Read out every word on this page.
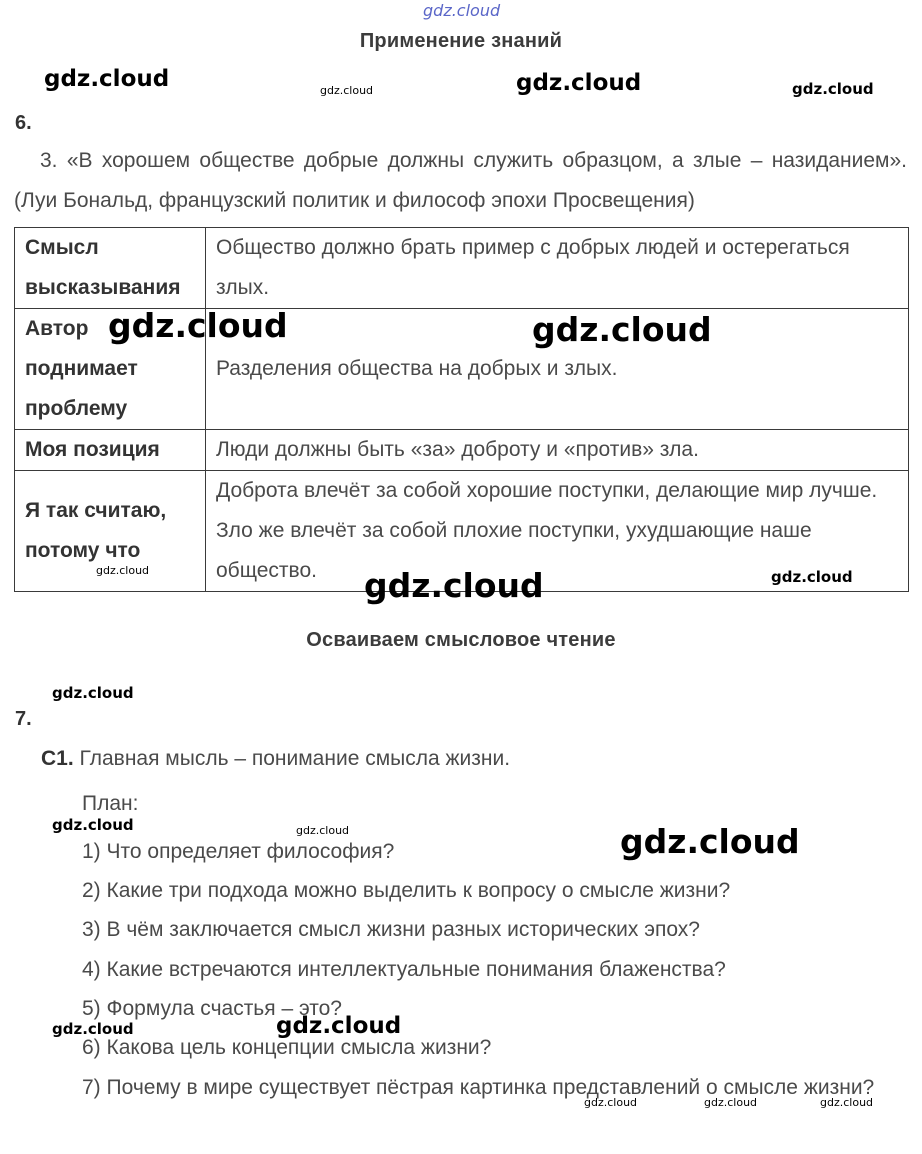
gdz.cloud
Применение знаний
6.
3. «В хорошем обществе добрые должны служить образцом, а злые – назиданием». (Луи Бональд, французский политик и философ эпохи Просвещения)
Смысл высказывания	Общество должно брать пример с добрых людей и остерегаться злых.
Автор поднимает проблему	Разделения общества на добрых и злых.
Моя позиция	Люди должны быть «за» доброту и «против» зла.
Я так считаю, потому что	Доброта влечёт за собой хорошие поступки, делающие мир лучше. Зло же влечёт за собой плохие поступки, ухудшающие наше общество.
Осваиваем смысловое чтение
7.
С1. Главная мысль – понимание смысла жизни.
План:
1) Что определяет философия?
2) Какие три подхода можно выделить к вопросу о смысле жизни?
3) В чём заключается смысл жизни разных исторических эпох?
4) Какие встречаются интеллектуальные понимания блаженства?
5) Формула счастья – это?
6) Какова цель концепции смысла жизни?
7) Почему в мире существует пёстрая картинка представлений о смысле жизни?
gdz.cloud	gdz.cloud	gdz.cloud	gdz.cloud
gdz.cloud	gdz.cloud
gdz.cloud	gdz.cloud	gdz.cloud
gdz.cloud
gdz.cloud	gdz.cloud	gdz.cloud
gdz.cloud	gdz.cloud
gdz.cloud	gdz.cloud	gdz.cloud
